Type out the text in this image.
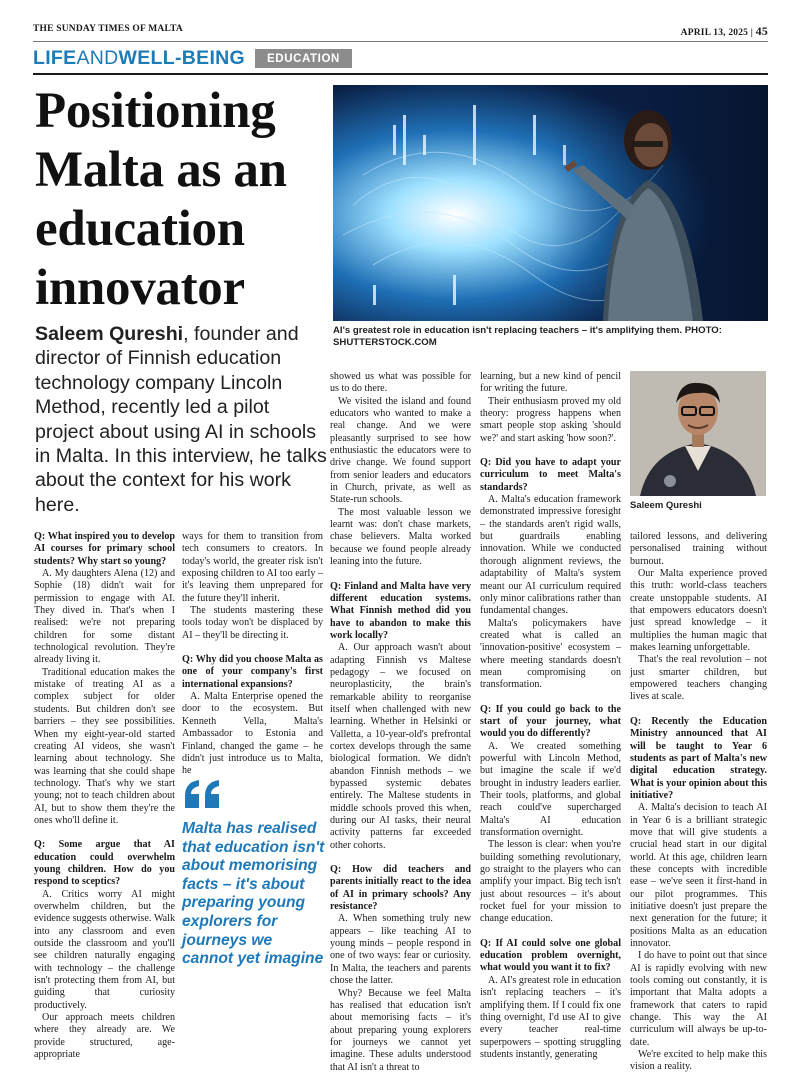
THE SUNDAY TIMES OF MALTA	APRIL 13, 2025 | 45
LIFEANDWELL-BEING	EDUCATION
Positioning Malta as an education innovator
Saleem Qureshi, founder and director of Finnish education technology company Lincoln Method, recently led a pilot project about using AI in schools in Malta. In this interview, he talks about the context for his work here.
AI's greatest role in education isn't replacing teachers – it's amplifying them. PHOTO: SHUTTERSTOCK.COM

Q: What inspired you to develop AI courses for primary school students? Why start so young?

A. My daughters Alena (12) and Sophie (18) didn't wait for permission to engage with AI. They dived in. That's when I realised: we're not preparing children for some distant technological revolution. They're already living it.

Traditional education makes the mistake of treating AI as a complex subject for older students. But children don't see barriers – they see possibilities. When my eight-year-old started creating AI videos, she wasn't learning about technology. She was learning that she could shape technology. That's why we start young; not to teach children about AI, but to show them they're the ones who'll define it.

Q: Some argue that AI education could overwhelm young children. How do you respond to sceptics?

A. Critics worry AI might overwhelm children, but the evidence suggests otherwise. Walk into any classroom and even outside the classroom and you'll see children naturally engaging with technology – the challenge isn't protecting them from AI, but guiding that curiosity productively.

Our approach meets children where they already are. We provide structured, age-appropriate

ways for them to transition from tech consumers to creators. In today's world, the greater risk isn't exposing children to AI too early – it's leaving them unprepared for the future they'll inherit.

The students mastering these tools today won't be displaced by AI – they'll be directing it.

Q: Why did you choose Malta as one of your company's first international expansions?

A. Malta Enterprise opened the door to the ecosystem. But Kenneth Vella, Malta's Ambassador to Estonia and Finland, changed the game – he didn't just introduce us to Malta, he

showed us what was possible for us to do there.

We visited the island and found educators who wanted to make a real change. And we were pleasantly surprised to see how enthusiastic the educators were to drive change. We found support from senior leaders and educators in Church, private, as well as State-run schools.

The most valuable lesson we learnt was: don't chase markets, chase believers. Malta worked because we found people already leaning into the future.

Q: Finland and Malta have very different education systems. What Finnish method did you have to abandon to make this work locally?

A. Our approach wasn't about adapting Finnish vs Maltese pedagogy – we focused on neuroplasticity, the brain's remarkable ability to reorganise itself when challenged with new learning. Whether in Helsinki or Valletta, a 10-year-old's prefrontal cortex develops through the same biological formation. We didn't abandon Finnish methods – we bypassed systemic debates entirely. The Maltese students in middle schools proved this when, during our AI tasks, their neural activity patterns far exceeded other cohorts.

Q: How did teachers and parents initially react to the idea of AI in primary schools? Any resistance?

A. When something truly new appears – like teaching AI to young minds – people respond in one of two ways: fear or curiosity. In Malta, the teachers and parents chose the latter.

Why? Because we feel Malta has realised that education isn't about memorising facts – it's about preparing young explorers for journeys we cannot yet imagine. These adults understood that AI isn't a threat to

learning, but a new kind of pencil for writing the future.

Their enthusiasm proved my old theory: progress happens when smart people stop asking 'should we?' and start asking 'how soon?'.

Q: Did you have to adapt your curriculum to meet Malta's standards?

A. Malta's education framework demonstrated impressive foresight – the standards aren't rigid walls, but guardrails enabling innovation. While we conducted thorough alignment reviews, the adaptability of Malta's system meant our AI curriculum required only minor calibrations rather than fundamental changes.

Malta's policymakers have created what is called an 'innovation-positive' ecosystem – where meeting standards doesn't mean compromising on transformation.

Q: If you could go back to the start of your journey, what would you do differently?

A. We created something powerful with Lincoln Method, but imagine the scale if we'd brought in industry leaders earlier. Their tools, platforms, and global reach could've supercharged Malta's AI education transformation overnight.

The lesson is clear: when you're building something revolutionary, go straight to the players who can amplify your impact. Big tech isn't just about resources – it's about rocket fuel for your mission to change education.

Q: If AI could solve one global education problem overnight, what would you want it to fix?

A. AI's greatest role in education isn't replacing teachers – it's amplifying them. If I could fix one thing overnight, I'd use AI to give every teacher real-time superpowers – spotting struggling students instantly, generating

tailored lessons, and delivering personalised training without burnout.

Our Malta experience proved this truth: world-class teachers create unstoppable students. AI that empowers educators doesn't just spread knowledge – it multiplies the human magic that makes learning unforgettable.

That's the real revolution – not just smarter children, but empowered teachers changing lives at scale.

Q: Recently the Education Ministry announced that AI will be taught to Year 6 students as part of Malta's new digital education strategy. What is your opinion about this initiative?

A. Malta's decision to teach AI in Year 6 is a brilliant strategic move that will give students a crucial head start in our digital world. At this age, children learn these concepts with incredible ease – we've seen it first-hand in our pilot programmes. This initiative doesn't just prepare the next generation for the future; it positions Malta as an education innovator.

I do have to point out that since AI is rapidly evolving with new tools coming out constantly, it is important that Malta adopts a framework that caters to rapid change. This way the AI curriculum will always be up-to-date.

We're excited to help make this vision a reality.

Malta has realised that education isn't about memorising facts – it's about preparing young explorers for journeys we cannot yet imagine
Saleem Qureshi
